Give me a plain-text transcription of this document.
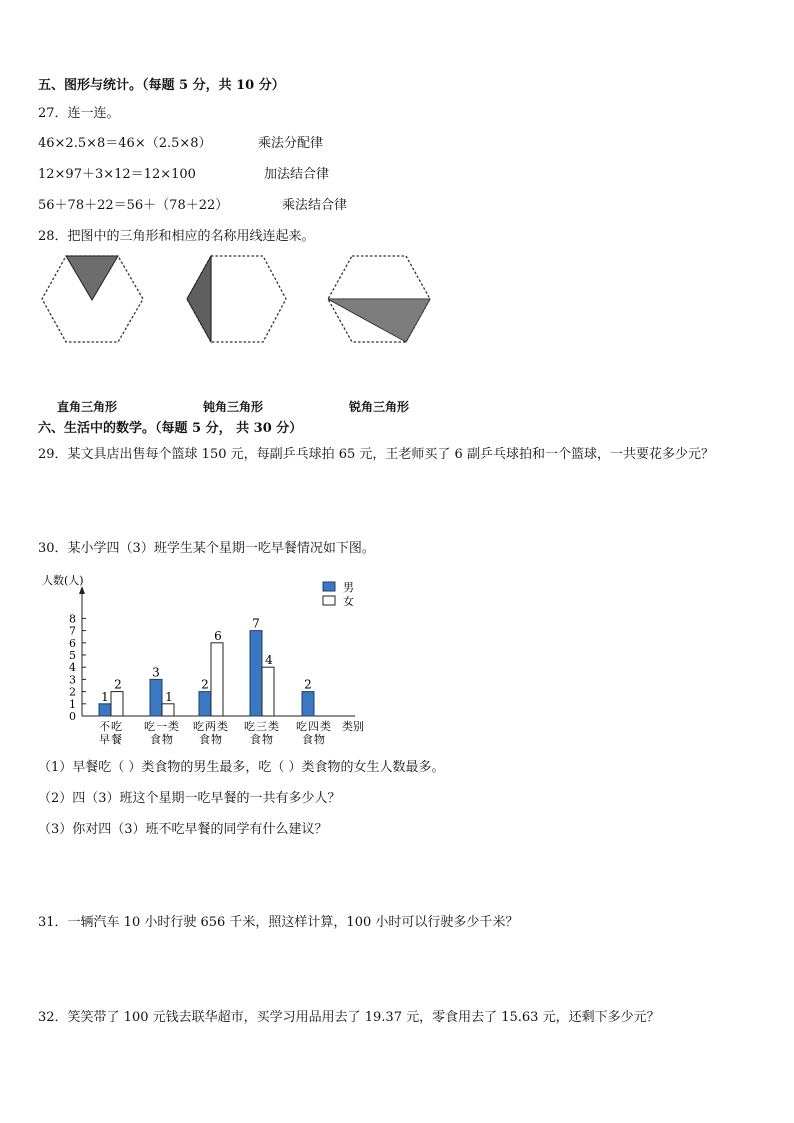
五、图形与统计。（每题 5 分，共 10 分）
27．连一连。
46×2.5×8＝46×（2.5×8）	乘法分配律
12×97＋3×12＝12×100	加法结合律
56＋78＋22＝56＋（78＋22）	乘法结合律
28．把图中的三角形和相应的名称用线连起来。
直角三角形	钝角三角形	锐角三角形
六、生活中的数学。（每题 5 分， 共 30 分）
29．某文具店出售每个篮球 150 元，每副乒乓球拍 65 元，王老师买了 6 副乒乓球拍和一个篮球，一共要花多少元？
30．某小学四（3）班学生某个星期一吃早餐情况如下图。
人数(人)
类别
0
1
2
3
4
5
6
7
8
1
2
不吃
早餐
3
1
吃一类
食物
2
6
吃两类
食物
7
4
吃三类
食物
2
吃四类
食物
男
女
（1）早餐吃（ ）类食物的男生最多，吃（ ）类食物的女生人数最多。
（2）四（3）班这个星期一吃早餐的一共有多少人？
（3）你对四（3）班不吃早餐的同学有什么建议？
31．一辆汽车 10 小时行驶 656 千米，照这样计算，100 小时可以行驶多少千米？
32．笑笑带了 100 元钱去联华超市，买学习用品用去了 19.37 元，零食用去了 15.63 元，还剩下多少元？
